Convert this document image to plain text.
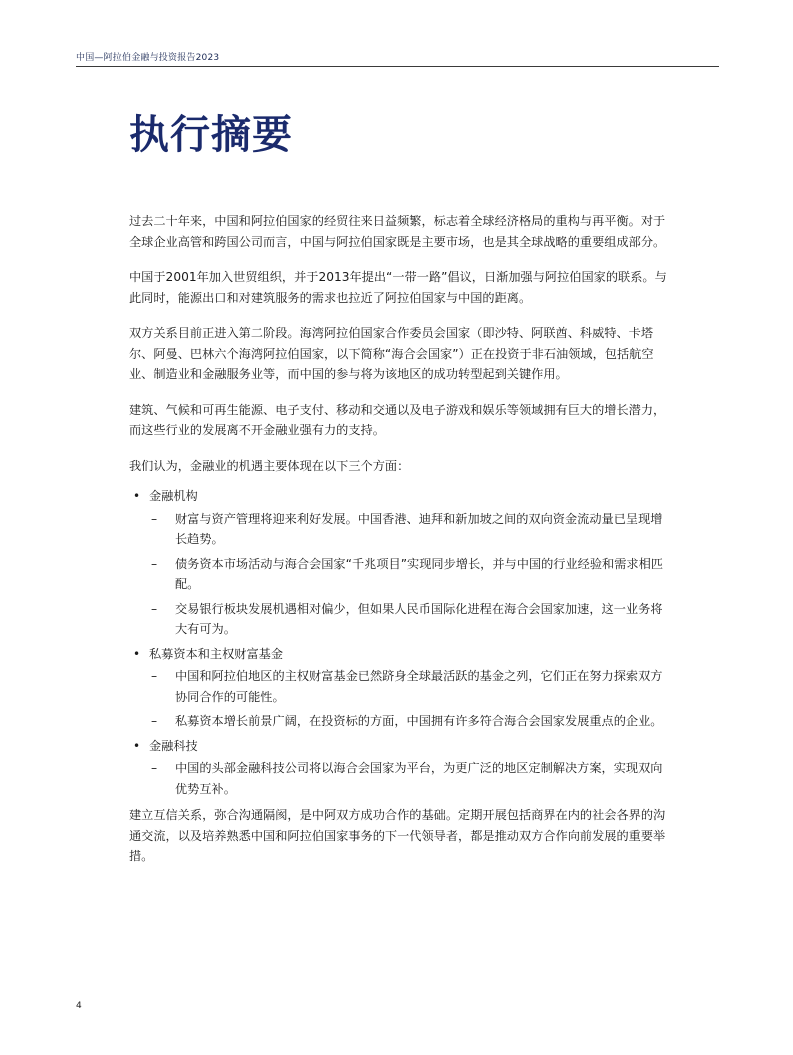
中国—阿拉伯金融与投资报告2023
执行摘要

过去二十年来，中国和阿拉伯国家的经贸往来日益频繁，标志着全球经济格局的重构与再平衡。对于全球企业高管和跨国公司而言，中国与阿拉伯国家既是主要市场，也是其全球战略的重要组成部分。

中国于2001年加入世贸组织，并于2013年提出“一带一路”倡议，日渐加强与阿拉伯国家的联系。与此同时，能源出口和对建筑服务的需求也拉近了阿拉伯国家与中国的距离。

双方关系目前正进入第二阶段。海湾阿拉伯国家合作委员会国家（即沙特、阿联酋、科威特、卡塔尔、阿曼、巴林六个海湾阿拉伯国家，以下简称“海合会国家”）正在投资于非石油领域，包括航空业、制造业和金融服务业等，而中国的参与将为该地区的成功转型起到关键作用。

建筑、气候和可再生能源、电子支付、移动和交通以及电子游戏和娱乐等领域拥有巨大的增长潜力，而这些行业的发展离不开金融业强有力的支持。

我们认为，金融业的机遇主要体现在以下三个方面：

• 金融机构
– 财富与资产管理将迎来利好发展。中国香港、迪拜和新加坡之间的双向资金流动量已呈现增长趋势。
– 债务资本市场活动与海合会国家“千兆项目”实现同步增长，并与中国的行业经验和需求相匹配。
– 交易银行板块发展机遇相对偏少，但如果人民币国际化进程在海合会国家加速，这一业务将大有可为。
• 私募资本和主权财富基金
– 中国和阿拉伯地区的主权财富基金已然跻身全球最活跃的基金之列，它们正在努力探索双方协同合作的可能性。
– 私募资本增长前景广阔，在投资标的方面，中国拥有许多符合海合会国家发展重点的企业。
• 金融科技
– 中国的头部金融科技公司将以海合会国家为平台，为更广泛的地区定制解决方案，实现双向优势互补。

建立互信关系，弥合沟通隔阂，是中阿双方成功合作的基础。定期开展包括商界在内的社会各界的沟通交流，以及培养熟悉中国和阿拉伯国家事务的下一代领导者，都是推动双方合作向前发展的重要举措。

4
